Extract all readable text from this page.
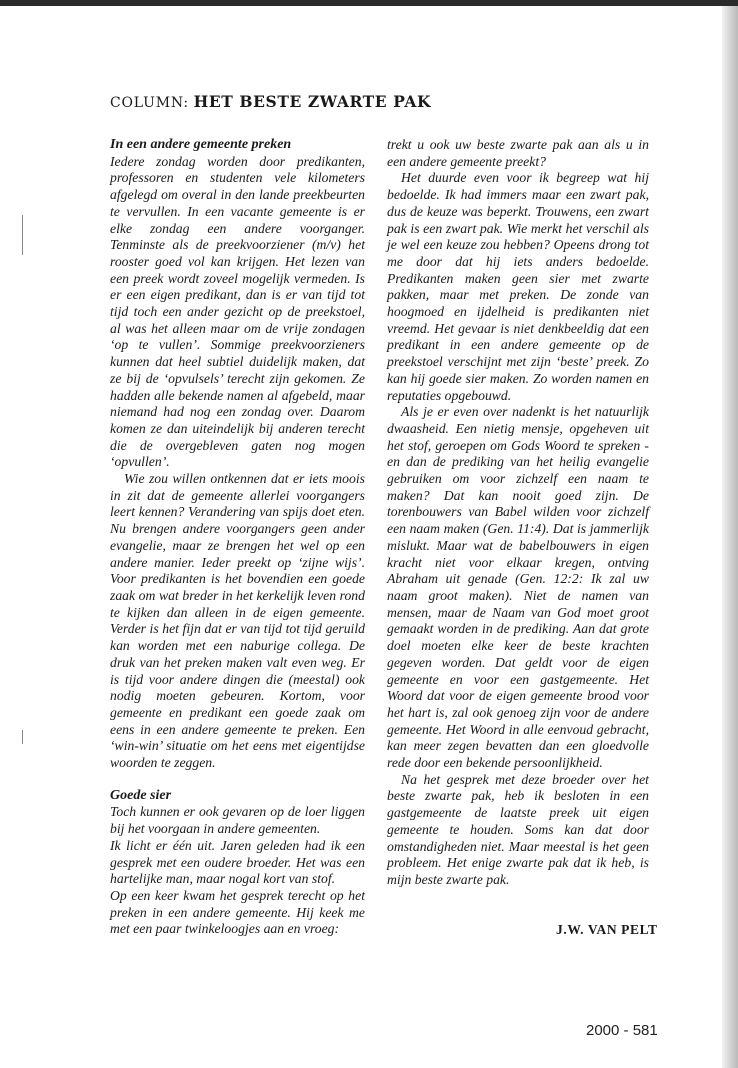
COLUMN: HET BESTE ZWARTE PAK
In een andere gemeente preken

Iedere zondag worden door predikanten, professoren en studenten vele kilometers afgelegd om overal in den lande preekbeurten te vervullen. In een vacante gemeente is er elke zondag een andere voorganger. Tenminste als de preekvoorziener (m/v) het rooster goed vol kan krijgen. Het lezen van een preek wordt zoveel mogelijk vermeden. Is er een eigen predikant, dan is er van tijd tot tijd toch een ander gezicht op de preekstoel, al was het alleen maar om de vrije zondagen ‘op te vullen’. Sommige preekvoorzieners kunnen dat heel subtiel duidelijk maken, dat ze bij de ‘opvulsels’ terecht zijn gekomen. Ze hadden alle bekende namen al afgebeld, maar niemand had nog een zondag over. Daarom komen ze dan uiteindelijk bij anderen terecht die de overgebleven gaten nog mogen ‘opvullen’.

Wie zou willen ontkennen dat er iets moois in zit dat de gemeente allerlei voorgangers leert kennen? Verandering van spijs doet eten. Nu brengen andere voorgangers geen ander evangelie, maar ze brengen het wel op een andere manier. Ieder preekt op ‘zijne wijs’. Voor predikanten is het bovendien een goede zaak om wat breder in het kerkelijk leven rond te kijken dan alleen in de eigen gemeente. Verder is het fijn dat er van tijd tot tijd geruild kan worden met een naburige collega. De druk van het preken maken valt even weg. Er is tijd voor andere dingen die (meestal) ook nodig moeten gebeuren. Kortom, voor gemeente en predikant een goede zaak om eens in een andere gemeente te preken. Een ‘win-win’ situatie om het eens met eigentijdse woorden te zeggen.

Goede sier

Toch kunnen er ook gevaren op de loer liggen bij het voorgaan in andere gemeenten.

Ik licht er één uit. Jaren geleden had ik een gesprek met een oudere broeder. Het was een hartelijke man, maar nogal kort van stof.

Op een keer kwam het gesprek terecht op het preken in een andere gemeente. Hij keek me met een paar twinkeloogjes aan en vroeg:

trekt u ook uw beste zwarte pak aan als u in een andere gemeente preekt?

Het duurde even voor ik begreep wat hij bedoelde. Ik had immers maar een zwart pak, dus de keuze was beperkt. Trouwens, een zwart pak is een zwart pak. Wie merkt het verschil als je wel een keuze zou hebben? Opeens drong tot me door dat hij iets anders bedoelde. Predikanten maken geen sier met zwarte pakken, maar met preken. De zonde van hoogmoed en ijdelheid is predikanten niet vreemd. Het gevaar is niet denkbeeldig dat een predikant in een andere gemeente op de preekstoel verschijnt met zijn ‘beste’ preek. Zo kan hij goede sier maken. Zo worden namen en reputaties opgebouwd.

Als je er even over nadenkt is het natuurlijk dwaasheid. Een nietig mensje, opgeheven uit het stof, geroepen om Gods Woord te spreken - en dan de prediking van het heilig evangelie gebruiken om voor zichzelf een naam te maken? Dat kan nooit goed zijn. De torenbouwers van Babel wilden voor zichzelf een naam maken (Gen. 11:4). Dat is jammerlijk mislukt. Maar wat de babelbouwers in eigen kracht niet voor elkaar kregen, ontving Abraham uit genade (Gen. 12:2: Ik zal uw naam groot maken). Niet de namen van mensen, maar de Naam van God moet groot gemaakt worden in de prediking. Aan dat grote doel moeten elke keer de beste krachten gegeven worden. Dat geldt voor de eigen gemeente en voor een gastgemeente. Het Woord dat voor de eigen gemeente brood voor het hart is, zal ook genoeg zijn voor de andere gemeente. Het Woord in alle eenvoud gebracht, kan meer zegen bevatten dan een gloedvolle rede door een bekende persoonlijkheid.

Na het gesprek met deze broeder over het beste zwarte pak, heb ik besloten in een gastgemeente de laatste preek uit eigen gemeente te houden. Soms kan dat door omstandigheden niet. Maar meestal is het geen probleem. Het enige zwarte pak dat ik heb, is mijn beste zwarte pak.

J.W. VAN PELT
2000 - 581
